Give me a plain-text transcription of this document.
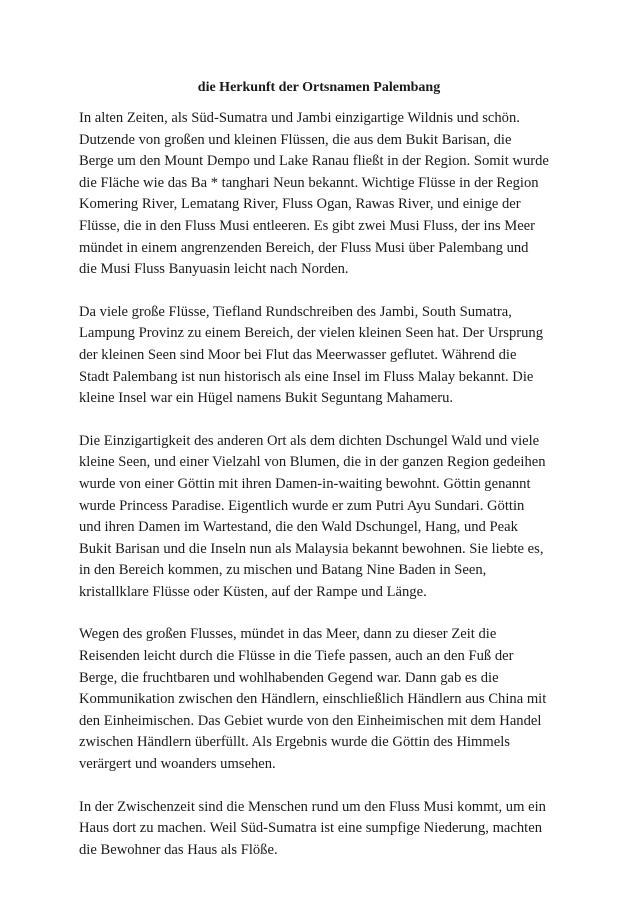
die Herkunft der Ortsnamen Palembang

In alten Zeiten, als Süd-Sumatra und Jambi einzigartige Wildnis und schön.
Dutzende von großen und kleinen Flüssen, die aus dem Bukit Barisan, die
Berge um den Mount Dempo und Lake Ranau fließt in der Region. Somit wurde
die Fläche wie das Ba * tanghari Neun bekannt. Wichtige Flüsse in der Region
Komering River, Lematang River, Fluss Ogan, Rawas River, und einige der
Flüsse, die in den Fluss Musi entleeren. Es gibt zwei Musi Fluss, der ins Meer
mündet in einem angrenzenden Bereich, der Fluss Musi über Palembang und
die Musi Fluss Banyuasin leicht nach Norden.

Da viele große Flüsse, Tiefland Rundschreiben des Jambi, South Sumatra,
Lampung Provinz zu einem Bereich, der vielen kleinen Seen hat. Der Ursprung
der kleinen Seen sind Moor bei Flut das Meerwasser geflutet. Während die
Stadt Palembang ist nun historisch als eine Insel im Fluss Malay bekannt. Die
kleine Insel war ein Hügel namens Bukit Seguntang Mahameru.

Die Einzigartigkeit des anderen Ort als dem dichten Dschungel Wald und viele
kleine Seen, und einer Vielzahl von Blumen, die in der ganzen Region gedeihen
wurde von einer Göttin mit ihren Damen-in-waiting bewohnt. Göttin genannt
wurde Princess Paradise. Eigentlich wurde er zum Putri Ayu Sundari. Göttin
und ihren Damen im Wartestand, die den Wald Dschungel, Hang, und Peak
Bukit Barisan und die Inseln nun als Malaysia bekannt bewohnen. Sie liebte es,
in den Bereich kommen, zu mischen und Batang Nine Baden in Seen,
kristallklare Flüsse oder Küsten, auf der Rampe und Länge.

Wegen des großen Flusses, mündet in das Meer, dann zu dieser Zeit die
Reisenden leicht durch die Flüsse in die Tiefe passen, auch an den Fuß der
Berge, die fruchtbaren und wohlhabenden Gegend war. Dann gab es die
Kommunikation zwischen den Händlern, einschließlich Händlern aus China mit
den Einheimischen. Das Gebiet wurde von den Einheimischen mit dem Handel
zwischen Händlern überfüllt. Als Ergebnis wurde die Göttin des Himmels
verärgert und woanders umsehen.

In der Zwischenzeit sind die Menschen rund um den Fluss Musi kommt, um ein
Haus dort zu machen. Weil Süd-Sumatra ist eine sumpfige Niederung, machten
die Bewohner das Haus als Flöße.
